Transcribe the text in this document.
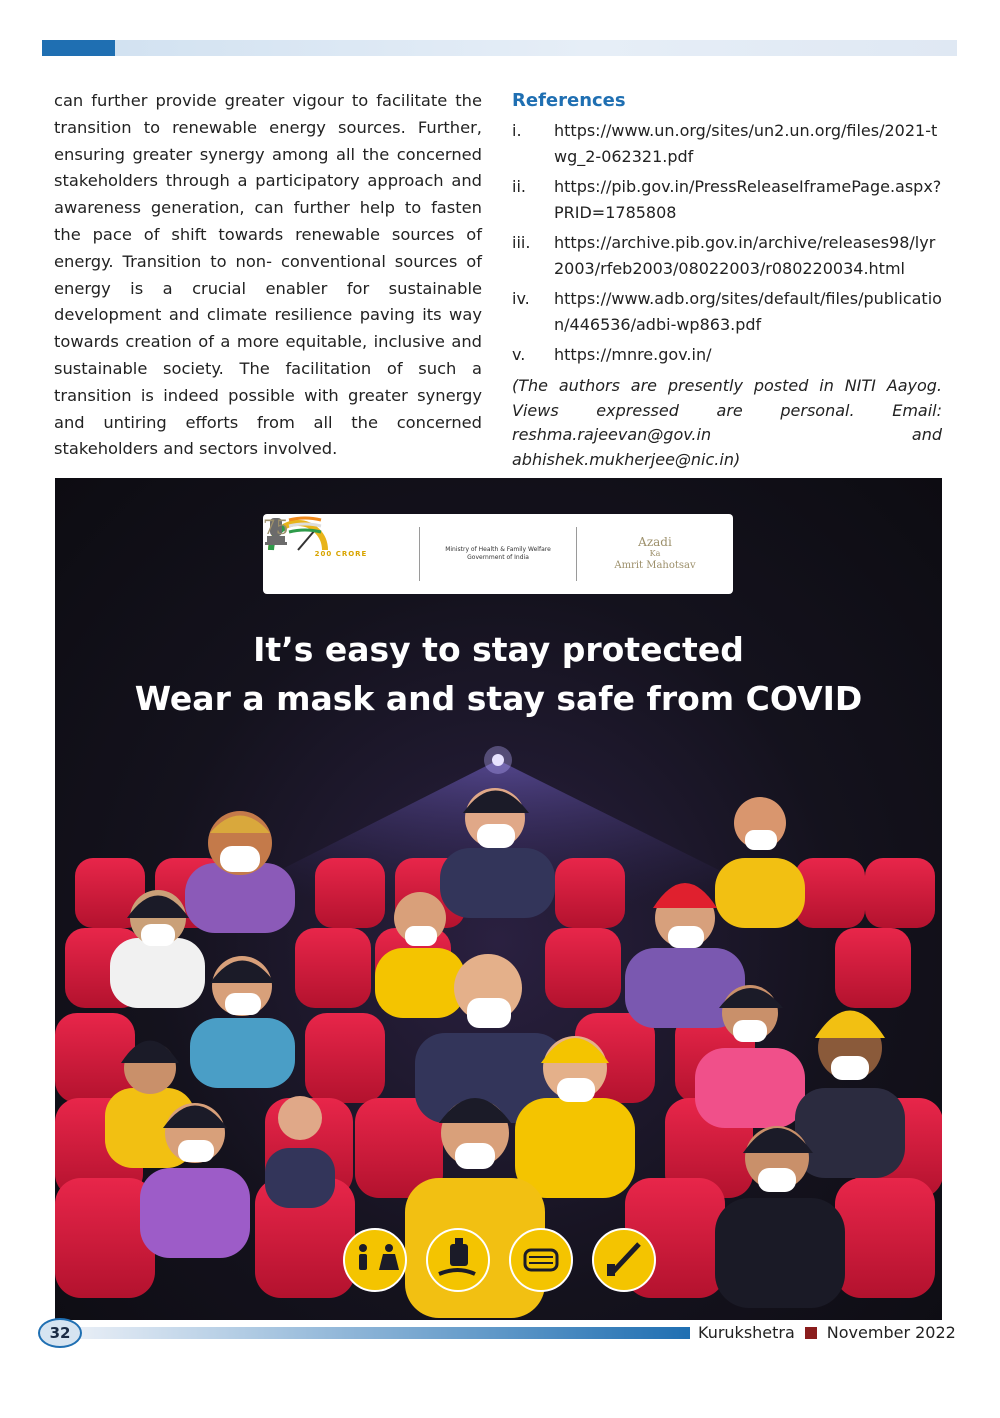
can further provide greater vigour to facilitate the transition to renewable energy sources. Further, ensuring greater synergy among all the concerned stakeholders through a participatory approach and awareness generation, can further help to fasten the pace of shift towards renewable sources of energy. Transition to non- conventional sources of energy is a crucial enabler for sustainable development and climate resilience paving its way towards creation of a more equitable, inclusive and sustainable society. The facilitation of such a transition is indeed possible with greater synergy and untiring efforts from all the concerned stakeholders and sectors involved.

References
i.	https://www.un.org/sites/un2.un.org/files/2021-twg_2-062321.pdf
ii.	https://pib.gov.in/PressReleaseIframePage.aspx?PRID=1785808
iii.	https://archive.pib.gov.in/archive/releases98/lyr2003/rfeb2003/08022003/r080220034.html
iv.	https://www.adb.org/sites/default/files/publication/446536/adbi-wp863.pdf
v.	https://mnre.gov.in/

(The authors are presently posted in NITI Aayog. Views expressed are personal. Email: reshma.rajeevan@gov.in and abhishek.mukherjee@nic.in)

200 CRORE
Ministry of Health & Family Welfare
Government of India
75
Azadi
Ka
Amrit Mahotsav
It’s easy to stay protected
Wear a mask and stay safe from COVID
32	Kurukshetra November 2022
